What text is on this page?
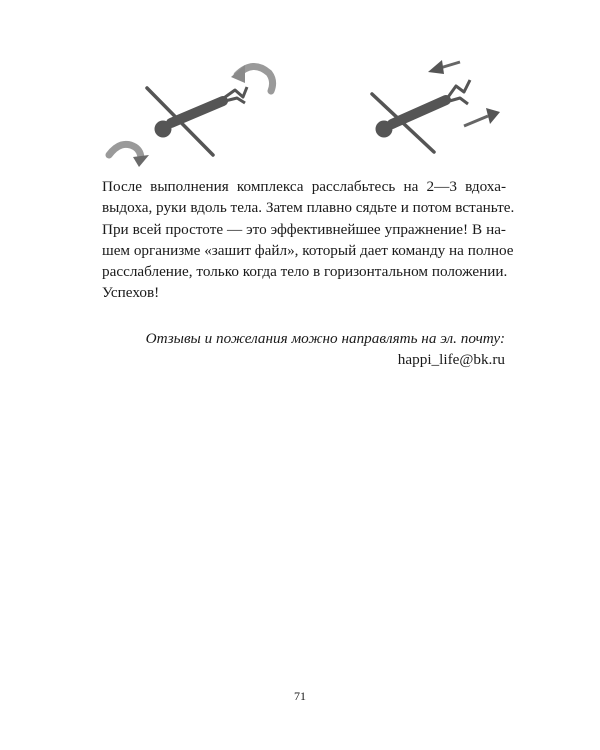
После выполнения комплекса расслабьтесь на 2—3 вдоха-
выдоха, руки вдоль тела. Затем плавно сядьте и потом встаньте.
При всей простоте — это эффективнейшее упражнение! В на-
шем организме «зашит файл», который дает команду на полное
расслабление, только когда тело в горизонтальном положении.
Успехов!

Отзывы и пожелания можно направлять на эл. почту:
happi_life@bk.ru
71
